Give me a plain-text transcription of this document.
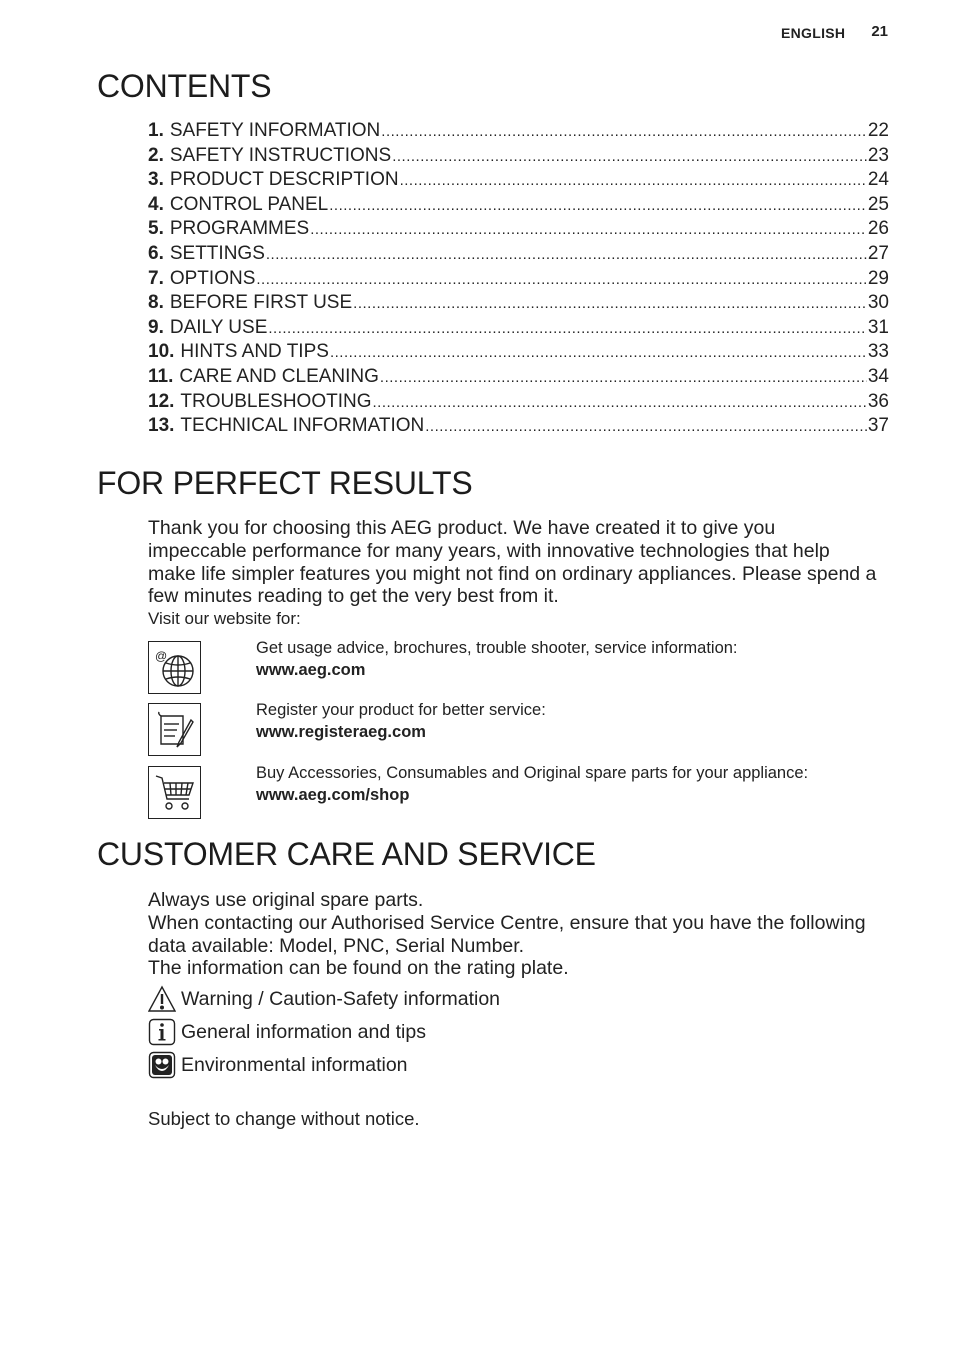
ENGLISH 21
CONTENTS
1. SAFETY INFORMATION .....	22
2. SAFETY INSTRUCTIONS .....	23
3. PRODUCT DESCRIPTION .....	24
4. CONTROL PANEL .....	25
5. PROGRAMMES .....	26
6. SETTINGS .....	27
7. OPTIONS .....	29
8. BEFORE FIRST USE .....	30
9. DAILY USE .....	31
10. HINTS AND TIPS .....	33
11. CARE AND CLEANING .....	34
12. TROUBLESHOOTING .....	36
13. TECHNICAL INFORMATION .....	37
FOR PERFECT RESULTS

Thank you for choosing this AEG product. We have created it to give you impeccable performance for many years, with innovative technologies that help make life simpler features you might not find on ordinary appliances. Please spend a few minutes reading to get the very best from it.

Visit our website for:

@	Get usage advice, brochures, trouble shooter, service information:
www.aeg.com
Register your product for better service:
www.registeraeg.com
Buy Accessories, Consumables and Original spare parts for your appliance:
www.aeg.com/shop
CUSTOMER CARE AND SERVICE

Always use original spare parts.

When contacting our Authorised Service Centre, ensure that you have the following data available: Model, PNC, Serial Number.

The information can be found on the rating plate.

Warning / Caution-Safety information
General information and tips
Environmental information

Subject to change without notice.
